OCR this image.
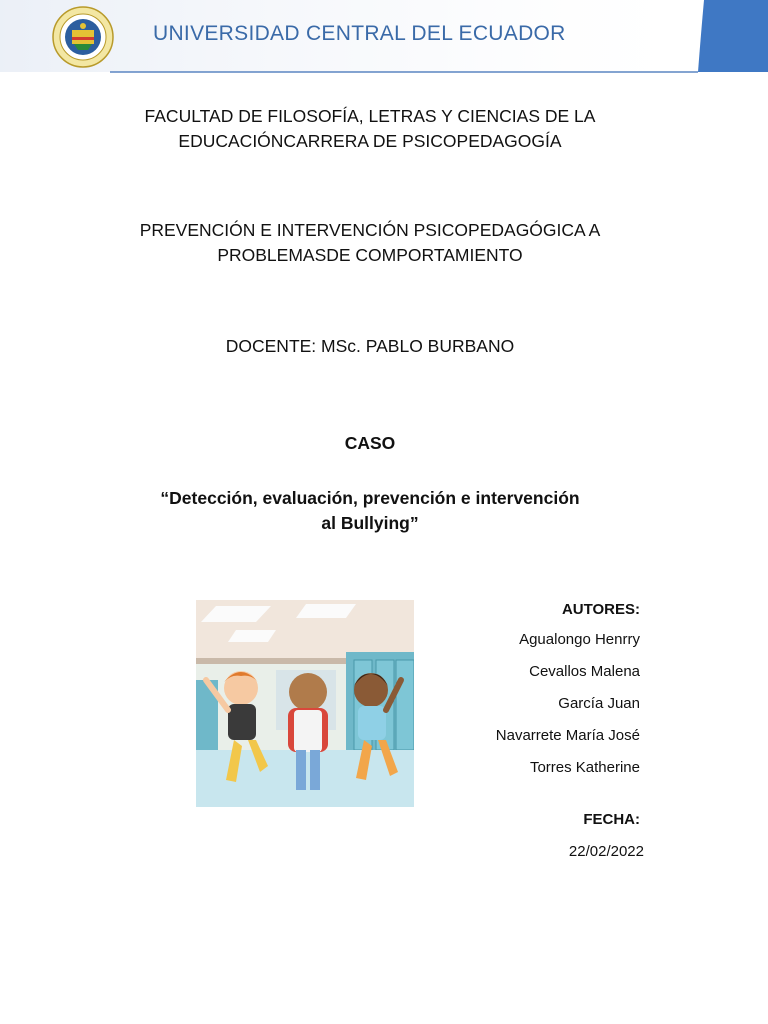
UNIVERSIDAD CENTRAL DEL ECUADOR
FACULTAD DE FILOSOFÍA, LETRAS Y CIENCIAS DE LA
EDUCACIÓNCARRERA DE PSICOPEDAGOGÍA
PREVENCIÓN E INTERVENCIÓN PSICOPEDAGÓGICA A
PROBLEMASDE COMPORTAMIENTO
DOCENTE: MSc. PABLO BURBANO
CASO
“Detección, evaluación, prevención e intervención
al Bullying”
AUTORES:
Agualongo Henrry
Cevallos Malena
García Juan
Navarrete María José
Torres Katherine
FECHA:
22/02/2022
